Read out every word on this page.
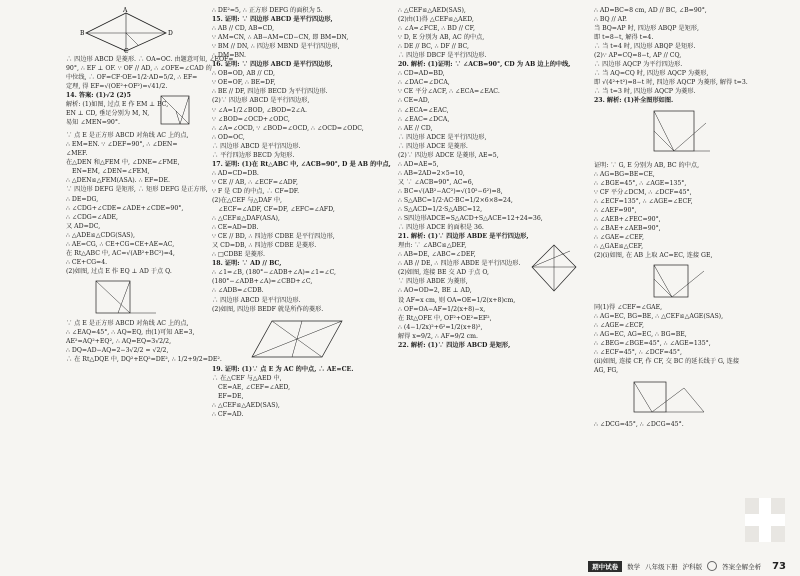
B
A
D
C
∴ 四边形 ABCD 是菱形. ∴ OA=OC. 由题意可知, ∠EOF=
90°, ∴ EF ⊥ OF. ∵ OF // AD, ∴ ∠OFE=∠CAD 的
中位线, ∴ OF=CF·OE=1/2·AD=5/2, ∴ EF=
定理, 得 EF=√(OE²+OF²)=√41/2.
14. 答案: (1)√2 (2)5
解析: (1)如图, 过点 E 作 EM ⊥ BC,
EN ⊥ CD, 垂足分别为 M, N,
易知 ∠MEN=90°.
∵ 点 E 是正方形 ABCD 对角线 AC 上的点,
∴ EM=EN. ∵ ∠DEF=90°, ∴ ∠DEN=
∠MEF.
在△DEN 和△FEM 中, ∠DNE=∠FME,
EN=EM, ∠DEN=∠FEM,
∴ △DEN≌△FEM(ASA). ∴ EF=DE.
∵ 四边形 DEFG 是矩形, ∴ 矩形 DEFG 是正方形,
∴ DE=DG,
∴ ∠CDG+∠CDE=∠ADE+∠CDE=90°,
∴ ∠CDG=∠ADE,
又 AD=DC,
∴ △ADE≌△CDG(SAS),
∴ AE=CG, ∴ CE+CG=CE+AE=AC,
在 Rt△ABC 中, AC=√(AB²+BC²)=4,
∴ CE+CG=4.
(2)如图, 过点 E 作 EQ ⊥ AD 于点 Q.
∵ 点 E 是正方形 ABCD 对角线 AC 上的点,
∴ ∠EAQ=45°, ∴ AQ=EQ, 由(1)可知 AE=3,
AE²=AQ²+EQ², ∴ AQ=EQ=3√2/2,
∴ DQ=AD−AQ=2−3√2/2 = √2/2,
∴ 在 Rt△DQE 中, DQ²+EQ²=DE², ∴ 1/2+9/2=DE².
∴ DE²=5, ∴ 正方形 DEFG 的面积为 5.
15. 证明: ∵ 四边形 ABCD 是平行四边形,
∴ AB // CD, AB=CD,
∵ AM=CN, ∴ AB−AM=CD−CN, 即 BM=DN,
∵ BM // DN, ∴ 四边形 MBND 是平行四边形,
∴ DM=BN.
16. 证明: ∵ 四边形 ABCD 是平行四边形,
∴ OB=OD, AB // CD,
∵ OE=OF, ∴ BE=DF,
∴ BE // DF, 四边形 BECD 为平行四边形.
(2)∵ 四边形 ABCD 是平行四边形,
∵ ∠A=1/2∠BOD, ∠BOD=2∠A.
∵ ∠BOD=∠OCD+∠ODC,
∴ ∠A=∠OCD, ∵ ∠BOD=∠OCD, ∴ ∠OCD=∠ODC,
∴ OD=OC,
∴ 四边形 ABCD 是平行四边形.
∴ 平行四边形 BECD 为矩形.
17. 证明: (1)在 Rt△ABC 中, ∠ACB=90°, D 是 AB 的中点,
∴ AD=CD=DB.
∵ CE // AB, ∴ ∠ECF=∠ADF,
∵ F 是 CD 的中点, ∴ CF=DF.
(2)在△CEF 与△DAF 中,
∠ECF=∠ADF, CF=DF, ∠EFC=∠AFD,
∴ △CEF≌△DAF(ASA),
∴ CE=AD=DB.
∵ CE // BD, ∴ 四边形 CDBE 是平行四边形,
又 CD=DB, ∴ 四边形 CDBE 是菱形.
∴ □CDBE 是菱形.
18. 证明: ∵ AD // BC,
∴ ∠1=∠B, (180°−∠ADB+∠A)=∠1=∠C,
(180°−∠ADB+∠A)=∠CBD+∠C,
∴ ∠ADB=∠CDB.
∴ 四边形 ABCD 是平行四边形.
(2)如图, 四边形 BEDF 就是所作的菱形.
19. 证明: (1)∵ 点 E 为 AC 的中点, ∴ AE=CE.
∴ 在△CEF 与△AED 中,
CE=AE, ∠CEF=∠AED,
EF=DE,
∴ △CEF≌△AED(SAS),
∴ CF=AD.
∴ △CEF≌△AED(SAS),
(2)由(1)得 △CEF≌△AED,
∴ ∠A=∠FCE, ∴ BD // CF,
∵ D, E 分别为 AB, AC 的中点,
∴ DE // BC, ∴ DF // BC,
∴ 四边形 DBCF 是平行四边形.
20. 解析: (1)证明: ∵ ∠ACB=90°, CD 为 AB 边上的中线,
∴ CD=AD=BD,
∴ ∠DAC=∠DCA,
∵ CE 平分∠ACF, ∴ ∠ECA=∠EAC.
∴ CE=AD,
∴ ∠ECA=∠EAC,
∴ ∠EAC=∠DCA,
∴ AE // CD,
∴ 四边形 ADCE 是平行四边形,
∴ 四边形 ADCE 是菱形.
(2)∵ 四边形 ADCE 是菱形, AE=5,
∴ AD=AE=5,
∴ AB=2AD=2×5=10,
又 ∵ ∠ACB=90°, AC=6,
∴ BC=√(AB²−AC²)=√(10²−6²)=8,
∴ S△ABC=1/2·AC·BC=1/2×6×8=24,
∴ S△ACD=1/2·S△ABC=12,
∴ S四边形ADCE=S△ACD+S△ACE=12+24=36,
∴ 四边形 ADCE 的面积是 36.
21. 解析: (1)∵ 四边形 ABDE 是平行四边形,
理由: ∵ ∠ABC≌△DEF,
∴ AB=DE, ∠ABC=∠DEF,
∴ AB // DE, ∴ 四边形 ABDE 是平行四边形.
(2)如图, 连接 BE 交 AD 于点 O,
∵ 四边形 ABDE 为菱形,
∴ AO=OD=2, BE ⊥ AD,
设 AF=x cm, 则 OA=OE=1/2(x+8)cm,
∴ OF=OA−AF=1/2(x+8)−x,
在 Rt△OFE 中, OF²+OE²=EF²,
∴ (4−1/2x)²+6²=1/2(x+8)²,
解得 x=9/2, ∴ AF=9/2 cm.
22. 解析: (1)∵ 四边形 ABCD 是矩形,
∴ AD=BC=8 cm, AD // BC, ∠B=90°,
∴ BQ // AP.
当 BQ=AP 时, 四边形 ABQP 是矩形,
即 t=8−t, 解得 t=4.
∴ 当 t=4 时, 四边形 ABQP 是矩形.
(2)∵ AP=CQ=8−t, AP // CQ,
∴ 四边形 AQCP 为平行四边形.
∴ 当 AQ=CQ 时, 四边形 AQCP 为菱形,
即 √(4²+t²)=8−t 时, 四边形 AQCP 为菱形, 解得 t=3.
∴ 当 t=3 时, 四边形 AQCP 为菱形.
23. 解析: (1)补全图形如图.
证明: ∵ G, E 分别为 AB, BC 的中点,
∴ AG=BG=BE=CE,
∴ ∠BGE=45°, ∴ ∠AGE=135°,
∵ CF 平分∠DCM, ∴ ∠DCF=45°,
∴ ∠ECF=135°, ∴ ∠AGE=∠ECF,
∴ ∠AEF=90°,
∴ ∠AEB+∠FEC=90°,
∴ ∠BAE+∠AEB=90°,
∴ ∠GAE=∠CEF,
∴ △GAE≌△CEF,
(2)(i)如图, 在 AB 上取 AC=EC, 连接 GE,
同(1)得 ∠CEF=∠GAE,
∴ AG=EC, BG=BE, ∴ △CEF≌△AGE(SAS),
∴ ∠AGE=∠ECF,
∴ AG=EC, AG=EC, ∴ BG=BE,
∴ ∠BEG=∠BGE=45°, ∴ ∠AGE=135°,
∴ ∠ECF=45°, ∴ ∠DCF=45°,
(ii)如图, 连接 CF, 作 CF, 交 BC 的延长线于 G, 连接
AG, FG,
∴ ∠DCG=45°, ∴ ∠DCG=45°.
期中试卷	数学 八年级下册 沪科版	答案全解全析 73
